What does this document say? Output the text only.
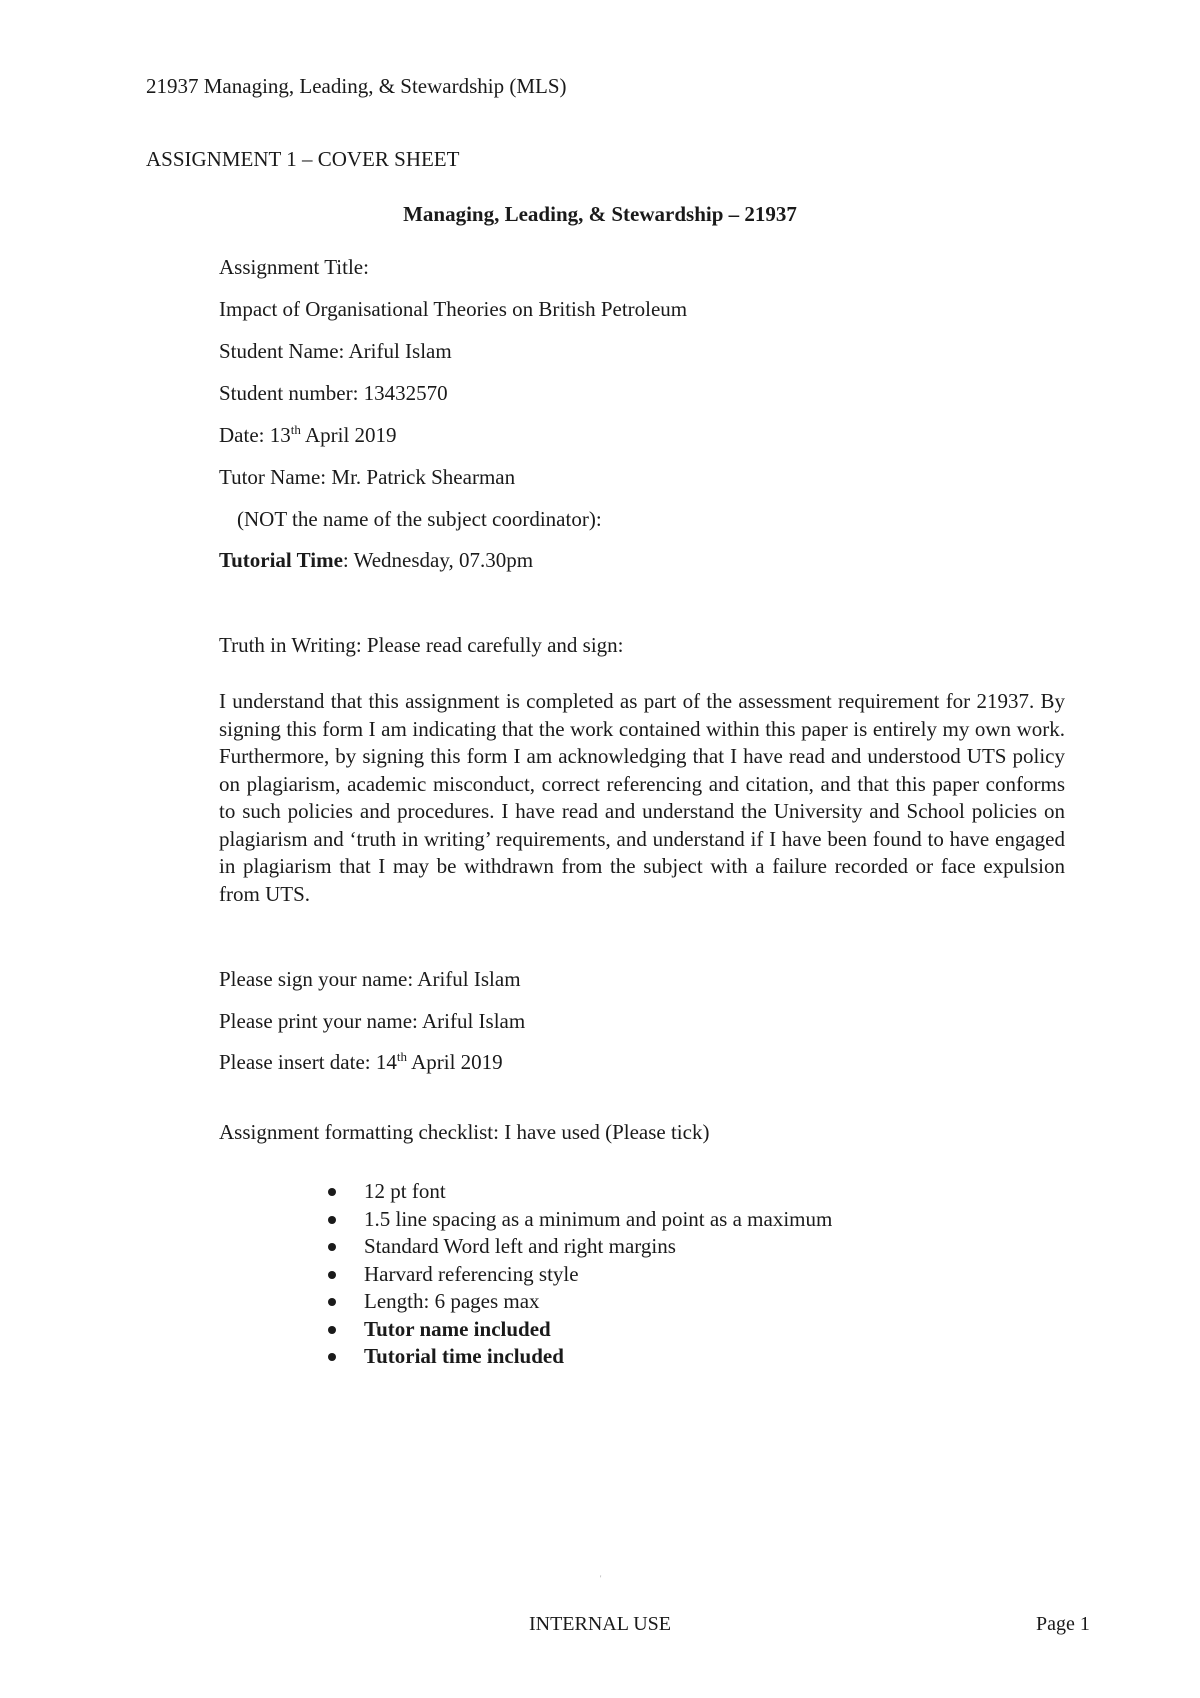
21937 Managing, Leading, & Stewardship (MLS)
ASSIGNMENT 1 – COVER SHEET
Managing, Leading, & Stewardship – 21937
Assignment Title:
Impact of Organisational Theories on British Petroleum
Student Name: Ariful Islam
Student number: 13432570
Date: 13th April 2019
Tutor Name: Mr. Patrick Shearman
(NOT the name of the subject coordinator):
Tutorial Time: Wednesday, 07.30pm
Truth in Writing: Please read carefully and sign:
I understand that this assignment is completed as part of the assessment requirement for 21937. By signing this form I am indicating that the work contained within this paper is entirely my own work. Furthermore, by signing this form I am acknowledging that I have read and understood UTS policy on plagiarism, academic misconduct, correct referencing and citation, and that this paper conforms to such policies and procedures. I have read and understand the University and School policies on plagiarism and ‘truth in writing’ requirements, and understand if I have been found to have engaged in plagiarism that I may be withdrawn from the subject with a failure recorded or face expulsion from UTS.
Please sign your name: Ariful Islam
Please print your name: Ariful Islam
Please insert date: 14th April 2019
Assignment formatting checklist: I have used (Please tick)
12 pt font
1.5 line spacing as a minimum and point as a maximum
Standard Word left and right margins
Harvard referencing style
Length: 6 pages max
Tutor name included
Tutorial time included
'
INTERNAL USE	Page 1
